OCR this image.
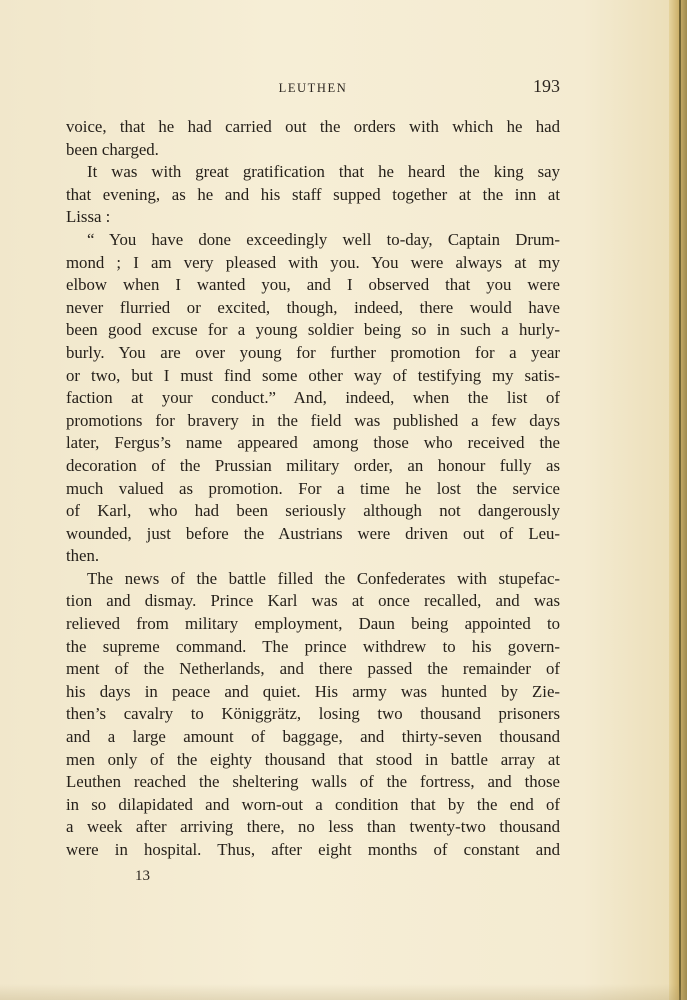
LEUTHEN	193
voice, that he had carried out the orders with which he had
been charged.
It was with great gratification that he heard the king say
that evening, as he and his staff supped together at the inn at
Lissa :
“ You have done exceedingly well to-day, Captain Drum-
mond ; I am very pleased with you. You were always at my
elbow when I wanted you, and I observed that you were
never flurried or excited, though, indeed, there would have
been good excuse for a young soldier being so in such a hurly-
burly. You are over young for further promotion for a year
or two, but I must find some other way of testifying my satis-
faction at your conduct.” And, indeed, when the list of
promotions for bravery in the field was published a few days
later, Fergus’s name appeared among those who received the
decoration of the Prussian military order, an honour fully as
much valued as promotion. For a time he lost the service
of Karl, who had been seriously although not dangerously
wounded, just before the Austrians were driven out of Leu-
then.
The news of the battle filled the Confederates with stupefac-
tion and dismay. Prince Karl was at once recalled, and was
relieved from military employment, Daun being appointed to
the supreme command. The prince withdrew to his govern-
ment of the Netherlands, and there passed the remainder of
his days in peace and quiet. His army was hunted by Zie-
then’s cavalry to Königgrätz, losing two thousand prisoners
and a large amount of baggage, and thirty-seven thousand
men only of the eighty thousand that stood in battle array at
Leuthen reached the sheltering walls of the fortress, and those
in so dilapidated and worn-out a condition that by the end of
a week after arriving there, no less than twenty-two thousand
were in hospital. Thus, after eight months of constant and
13
